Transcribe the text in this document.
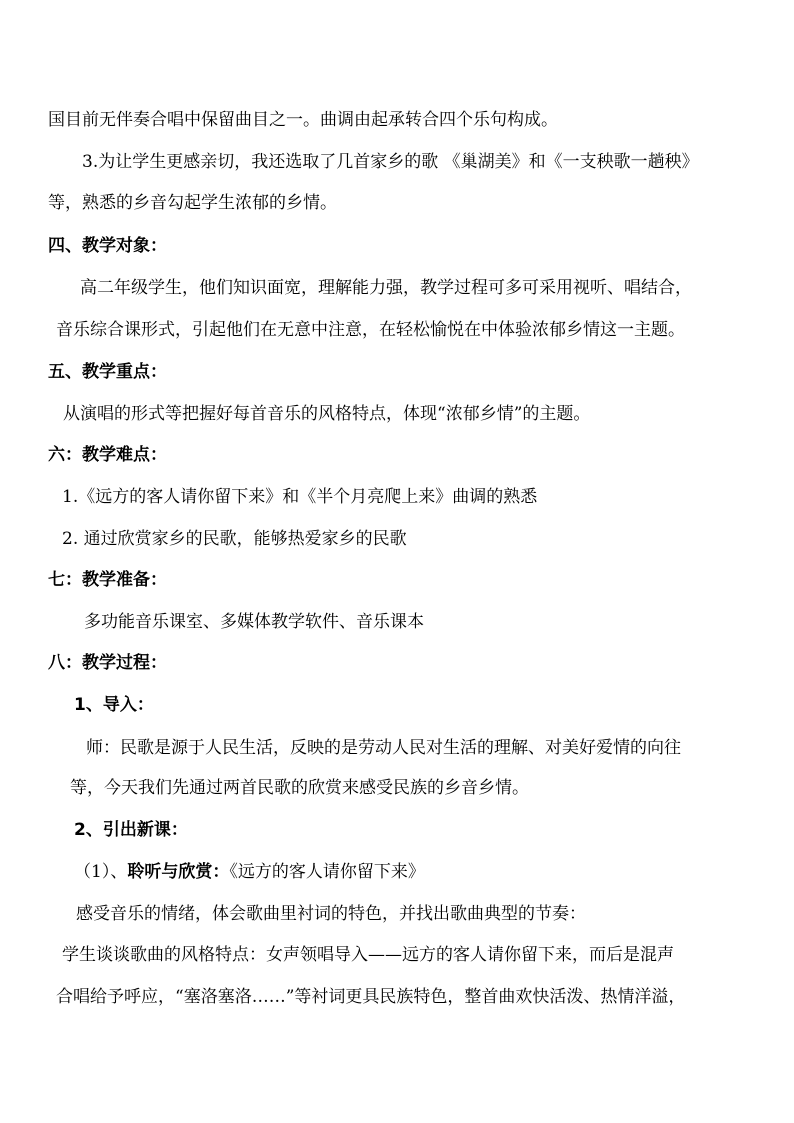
国目前无伴奏合唱中保留曲目之一。曲调由起承转合四个乐句构成。
3.为让学生更感亲切，我还选取了几首家乡的歌 《巢湖美》和《一支秧歌一趟秧》
等，熟悉的乡音勾起学生浓郁的乡情。
四、教学对象：
高二年级学生，他们知识面宽，理解能力强，教学过程可多可采用视听、唱结合，
音乐综合课形式，引起他们在无意中注意，在轻松愉悦在中体验浓郁乡情这一主题。
五、教学重点：
从演唱的形式等把握好每首音乐的风格特点，体现“浓郁乡情”的主题。
六：教学难点：
1.《远方的客人请你留下来》和《半个月亮爬上来》曲调的熟悉
2. 通过欣赏家乡的民歌，能够热爱家乡的民歌
七：教学准备：
多功能音乐课室、多媒体教学软件、音乐课本
八：教学过程：
1、导入：
师：民歌是源于人民生活，反映的是劳动人民对生活的理解、对美好爱情的向往
等，今天我们先通过两首民歌的欣赏来感受民族的乡音乡情。
2、引出新课：
（1）、聆听与欣赏：《远方的客人请你留下来》
感受音乐的情绪，体会歌曲里衬词的特色，并找出歌曲典型的节奏：
学生谈谈歌曲的风格特点：女声领唱导入——远方的客人请你留下来，而后是混声
合唱给予呼应，“塞洛塞洛……”等衬词更具民族特色，整首曲欢快活泼、热情洋溢，
